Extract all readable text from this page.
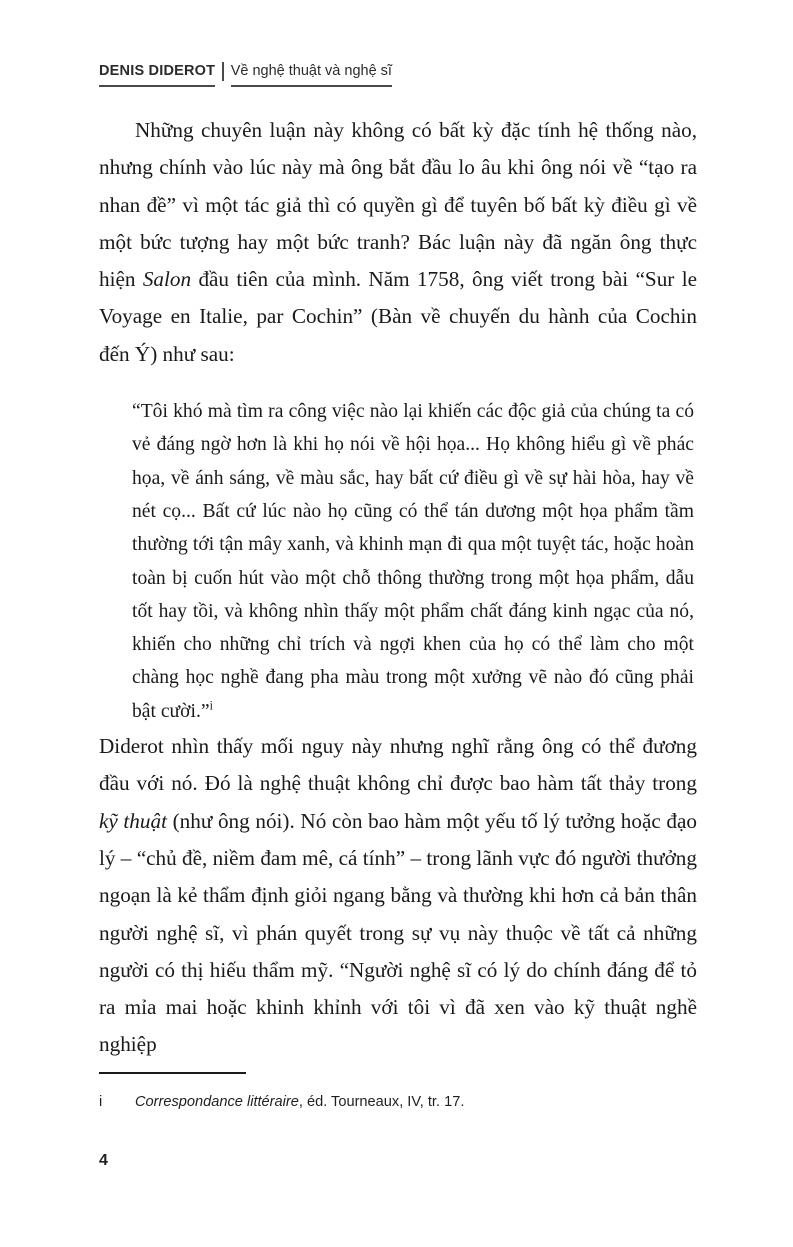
DENIS DIDEROT Về nghệ thuật và nghệ sĩ

Những chuyên luận này không có bất kỳ đặc tính hệ thống nào, nhưng chính vào lúc này mà ông bắt đầu lo âu khi ông nói về “tạo ra nhan đề” vì một tác giả thì có quyền gì để tuyên bố bất kỳ điều gì về một bức tượng hay một bức tranh? Bác luận này đã ngăn ông thực hiện Salon đầu tiên của mình. Năm 1758, ông viết trong bài “Sur le Voyage en Italie, par Cochin” (Bàn về chuyến du hành của Cochin đến Ý) như sau:

“Tôi khó mà tìm ra công việc nào lại khiến các độc giả của chúng ta có vẻ đáng ngờ hơn là khi họ nói về hội họa... Họ không hiểu gì về phác họa, về ánh sáng, về màu sắc, hay bất cứ điều gì về sự hài hòa, hay về nét cọ... Bất cứ lúc nào họ cũng có thể tán dương một họa phẩm tầm thường tới tận mây xanh, và khinh mạn đi qua một tuyệt tác, hoặc hoàn toàn bị cuốn hút vào một chỗ thông thường trong một họa phẩm, dẫu tốt hay tồi, và không nhìn thấy một phẩm chất đáng kinh ngạc của nó, khiến cho những chỉ trích và ngợi khen của họ có thể làm cho một chàng học nghề đang pha màu trong một xưởng vẽ nào đó cũng phải bật cười.”$^i$

Diderot nhìn thấy mối nguy này nhưng nghĩ rằng ông có thể đương đầu với nó. Đó là nghệ thuật không chỉ được bao hàm tất thảy trong kỹ thuật (như ông nói). Nó còn bao hàm một yếu tố lý tưởng hoặc đạo lý – “chủ đề, niềm đam mê, cá tính” – trong lãnh vực đó người thưởng ngoạn là kẻ thẩm định giỏi ngang bằng và thường khi hơn cả bản thân người nghệ sĩ, vì phán quyết trong sự vụ này thuộc về tất cả những người có thị hiếu thẩm mỹ. “Người nghệ sĩ có lý do chính đáng để tỏ ra mỉa mai hoặc khinh khỉnh với tôi vì đã xen vào kỹ thuật nghề nghiệp

i	Correspondance littéraire, éd. Tourneaux, IV, tr. 17.
4
